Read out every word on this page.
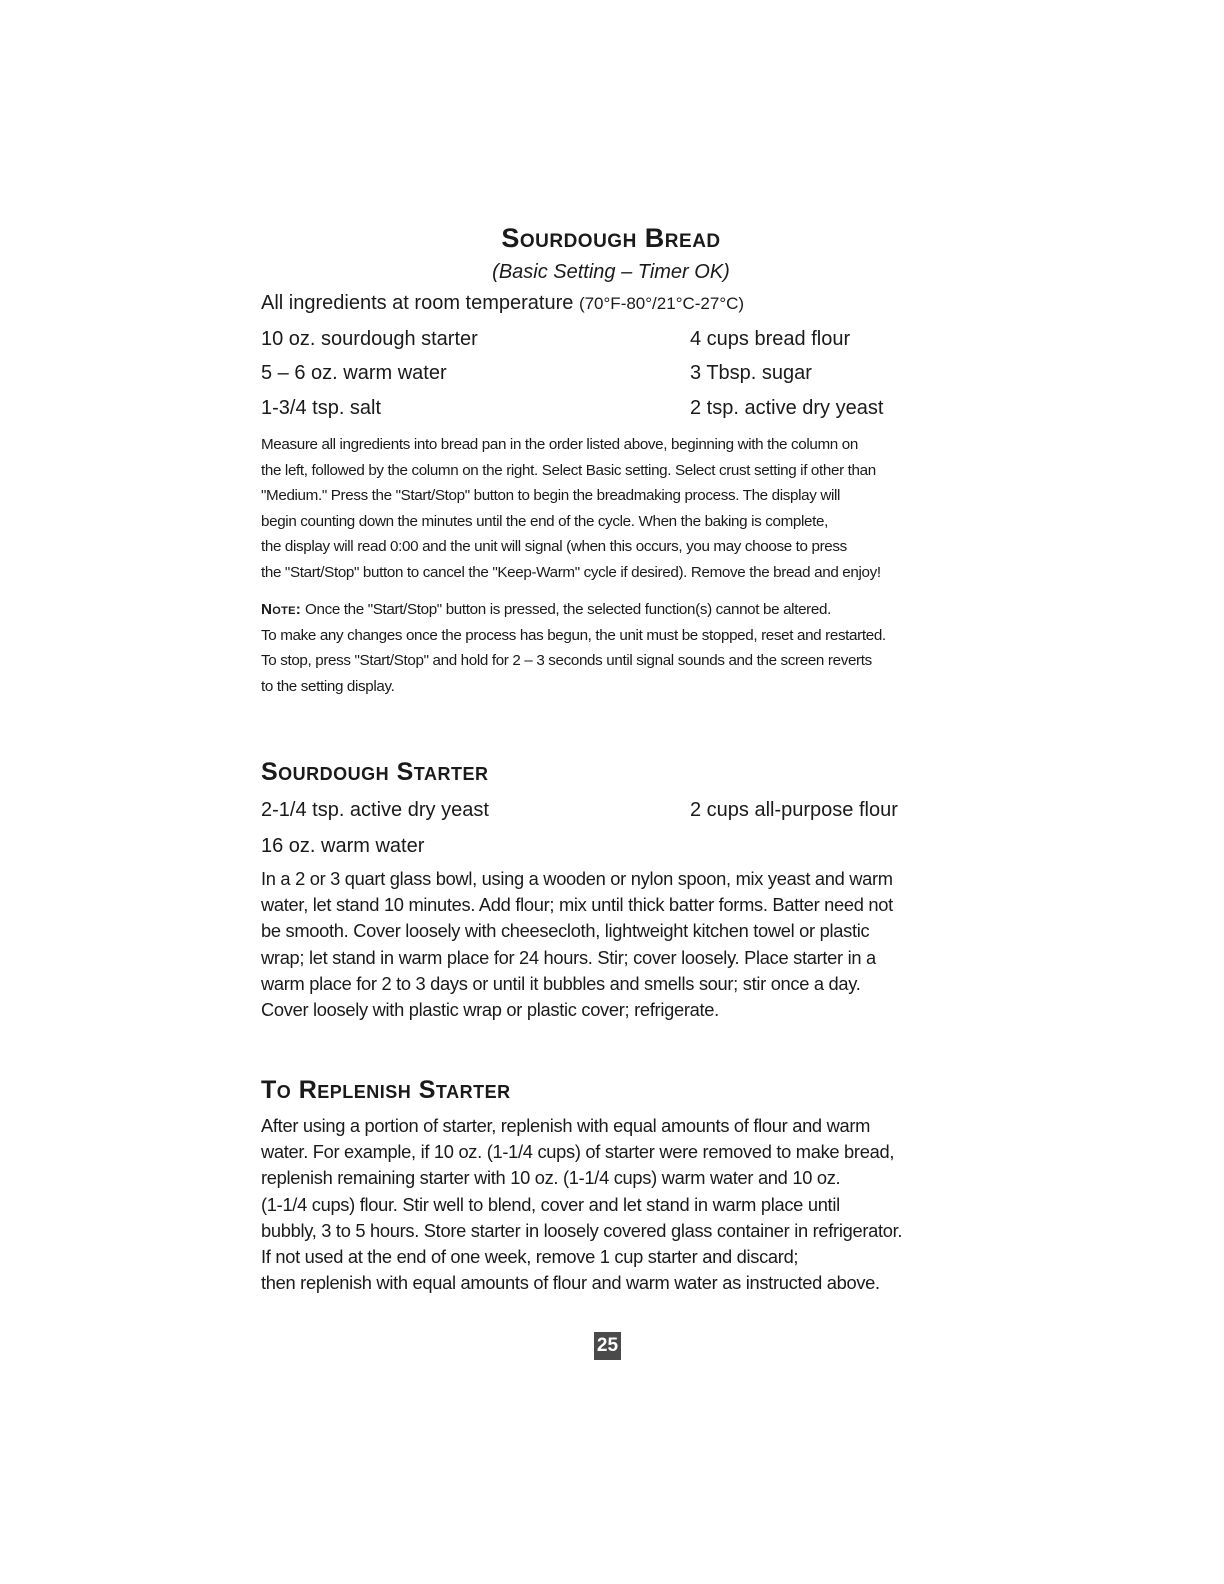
Sourdough Bread
(Basic Setting – Timer OK)
All ingredients at room temperature (70°F-80°/21°C-27°C)
10 oz. sourdough starter	4 cups bread flour
5 – 6 oz. warm water	3 Tbsp. sugar
1-3/4 tsp. salt	2 tsp. active dry yeast
Measure all ingredients into bread pan in the order listed above, beginning with the column on
the left, followed by the column on the right. Select Basic setting. Select crust setting if other than
"Medium." Press the "Start/Stop" button to begin the breadmaking process. The display will
begin counting down the minutes until the end of the cycle. When the baking is complete,
the display will read 0:00 and the unit will signal (when this occurs, you may choose to press
the "Start/Stop" button to cancel the "Keep-Warm" cycle if desired). Remove the bread and enjoy!
Note: Once the "Start/Stop" button is pressed, the selected function(s) cannot be altered.
To make any changes once the process has begun, the unit must be stopped, reset and restarted.
To stop, press "Start/Stop" and hold for 2 – 3 seconds until signal sounds and the screen reverts
to the setting display.
Sourdough Starter
2-1/4 tsp. active dry yeast	2 cups all-purpose flour
16 oz. warm water
In a 2 or 3 quart glass bowl, using a wooden or nylon spoon, mix yeast and warm
water, let stand 10 minutes. Add flour; mix until thick batter forms. Batter need not
be smooth. Cover loosely with cheesecloth, lightweight kitchen towel or plastic
wrap; let stand in warm place for 24 hours. Stir; cover loosely. Place starter in a
warm place for 2 to 3 days or until it bubbles and smells sour; stir once a day.
Cover loosely with plastic wrap or plastic cover; refrigerate.
To Replenish Starter
After using a portion of starter, replenish with equal amounts of flour and warm
water. For example, if 10 oz. (1-1/4 cups) of starter were removed to make bread,
replenish remaining starter with 10 oz. (1-1/4 cups) warm water and 10 oz.
(1-1/4 cups) flour. Stir well to blend, cover and let stand in warm place until
bubbly, 3 to 5 hours. Store starter in loosely covered glass container in refrigerator.
If not used at the end of one week, remove 1 cup starter and discard;
then replenish with equal amounts of flour and warm water as instructed above.
25
